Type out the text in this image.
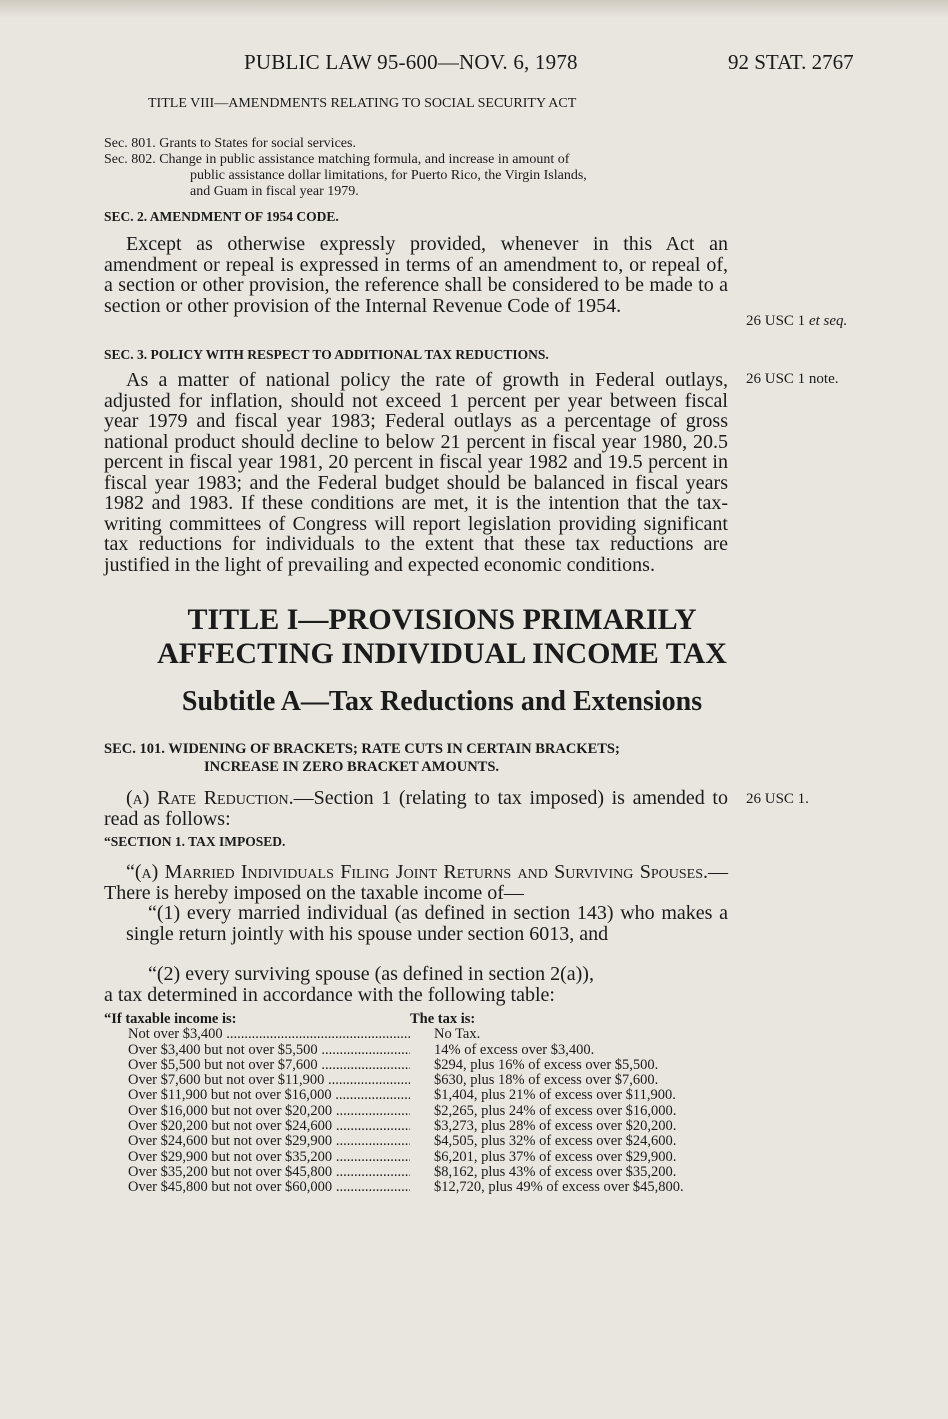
PUBLIC LAW 95-600—NOV. 6, 1978	92 STAT. 2767
TITLE VIII—AMENDMENTS RELATING TO SOCIAL SECURITY ACT
Sec. 801. Grants to States for social services.
Sec. 802. Change in public assistance matching formula, and increase in amount of
public assistance dollar limitations, for Puerto Rico, the Virgin Islands,
and Guam in fiscal year 1979.
SEC. 2. AMENDMENT OF 1954 CODE.
Except as otherwise expressly provided, whenever in this Act an amendment or repeal is expressed in terms of an amendment to, or repeal of, a section or other provision, the reference shall be considered to be made to a section or other provision of the Internal Revenue Code of 1954.
26 USC 1 et seq.
SEC. 3. POLICY WITH RESPECT TO ADDITIONAL TAX REDUCTIONS.
As a matter of national policy the rate of growth in Federal outlays, adjusted for inflation, should not exceed 1 percent per year between fiscal year 1979 and fiscal year 1983; Federal outlays as a percentage of gross national product should decline to below 21 percent in fiscal year 1980, 20.5 percent in fiscal year 1981, 20 percent in fiscal year 1982 and 19.5 percent in fiscal year 1983; and the Federal budget should be balanced in fiscal years 1982 and 1983. If these conditions are met, it is the intention that the tax-writing committees of Congress will report legislation providing significant tax reductions for individuals to the extent that these tax reductions are justified in the light of prevailing and expected economic conditions.
26 USC 1 note.
TITLE I—PROVISIONS PRIMARILY
AFFECTING INDIVIDUAL INCOME TAX
Subtitle A—Tax Reductions and Extensions
SEC. 101. WIDENING OF BRACKETS; RATE CUTS IN CERTAIN BRACKETS;
INCREASE IN ZERO BRACKET AMOUNTS.
(a) Rate Reduction.—Section 1 (relating to tax imposed) is amended to read as follows:
26 USC 1.
“SECTION 1. TAX IMPOSED.
“(a) Married Individuals Filing Joint Returns and Surviving Spouses.—There is hereby imposed on the taxable income of—
“(1) every married individual (as defined in section 143) who makes a single return jointly with his spouse under section 6013, and
“(2) every surviving spouse (as defined in section 2(a)),
a tax determined in accordance with the following table:
“If taxable income is:	The tax is:
Not over $3,400 .....	No Tax.
Over $3,400 but not over $5,500 .....	14% of excess over $3,400.
Over $5,500 but not over $7,600 .....	$294, plus 16% of excess over $5,500.
Over $7,600 but not over $11,900 .....	$630, plus 18% of excess over $7,600.
Over $11,900 but not over $16,000 .....	$1,404, plus 21% of excess over $11,900.
Over $16,000 but not over $20,200 .....	$2,265, plus 24% of excess over $16,000.
Over $20,200 but not over $24,600 .....	$3,273, plus 28% of excess over $20,200.
Over $24,600 but not over $29,900 .....	$4,505, plus 32% of excess over $24,600.
Over $29,900 but not over $35,200 .....	$6,201, plus 37% of excess over $29,900.
Over $35,200 but not over $45,800 .....	$8,162, plus 43% of excess over $35,200.
Over $45,800 but not over $60,000 .....	$12,720, plus 49% of excess over $45,800.
